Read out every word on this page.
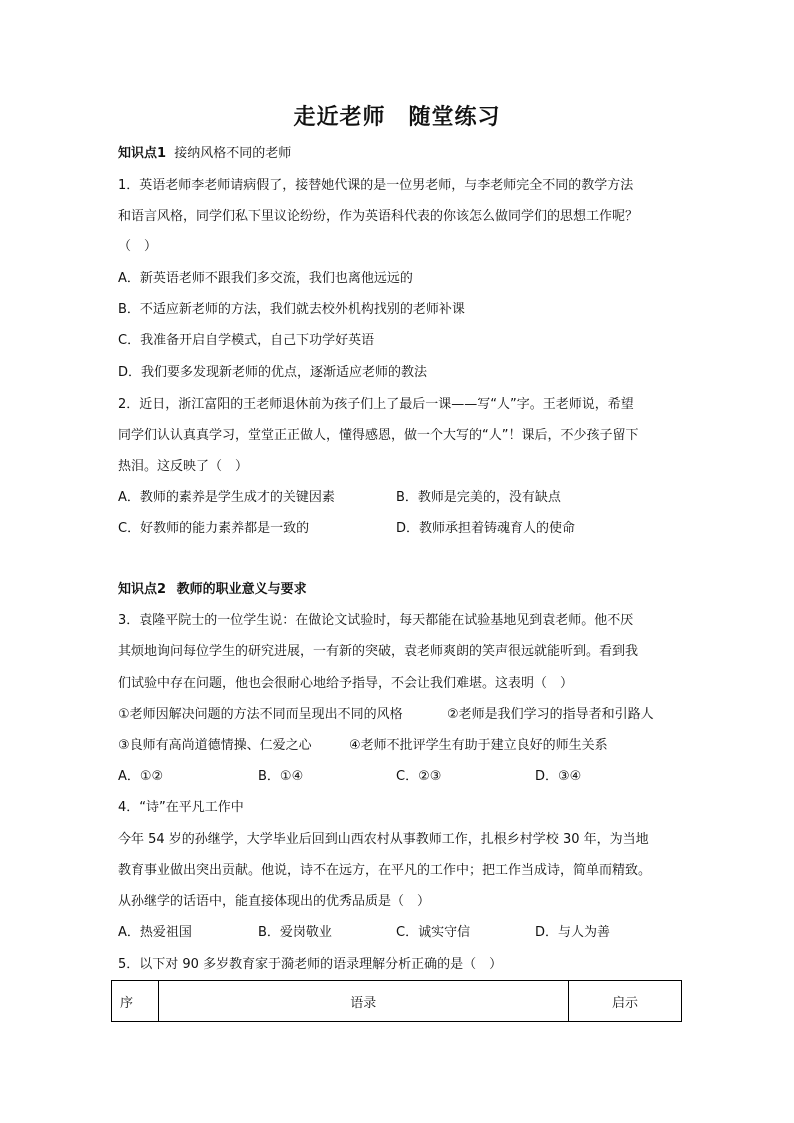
走近老师　随堂练习
知识点1 接纳风格不同的老师
1．英语老师李老师请病假了，接替她代课的是一位男老师，与李老师完全不同的教学方法
和语言风格，同学们私下里议论纷纷，作为英语科代表的你该怎么做同学们的思想工作呢？
（　）
A．新英语老师不跟我们多交流，我们也离他远远的
B．不适应新老师的方法，我们就去校外机构找别的老师补课
C．我准备开启自学模式，自己下功学好英语
D．我们要多发现新老师的优点，逐渐适应老师的教法
2．近日，浙江富阳的王老师退休前为孩子们上了最后一课——写“人”字。王老师说，希望
同学们认认真真学习，堂堂正正做人，懂得感恩，做一个大写的“人”！课后，不少孩子留下
热泪。这反映了（　）
A．教师的素养是学生成才的关键因素	B．教师是完美的，没有缺点
C．好教师的能力素养都是一致的	D．教师承担着铸魂育人的使命
知识点2 教师的职业意义与要求
3．袁隆平院士的一位学生说：在做论文试验时，每天都能在试验基地见到袁老师。他不厌
其烦地询问每位学生的研究进展，一有新的突破，袁老师爽朗的笑声很远就能听到。看到我
们试验中存在问题，他也会很耐心地给予指导，不会让我们难堪。这表明（　）
①老师因解决问题的方法不同而呈现出不同的风格	②老师是我们学习的指导者和引路人
③良师有高尚道德情操、仁爱之心	④老师不批评学生有助于建立良好的师生关系
A．①②	B．①④	C．②③	D．③④
4．“诗”在平凡工作中
今年 54 岁的孙继学，大学毕业后回到山西农村从事教师工作，扎根乡村学校 30 年，为当地
教育事业做出突出贡献。他说，诗不在远方，在平凡的工作中；把工作当成诗，简单而精致。
从孙继学的话语中，能直接体现出的优秀品质是（　）
A．热爱祖国	B．爱岗敬业	C．诚实守信	D．与人为善
5．以下对 90 多岁教育家于漪老师的语录理解分析正确的是（　）
序	语录	启示
